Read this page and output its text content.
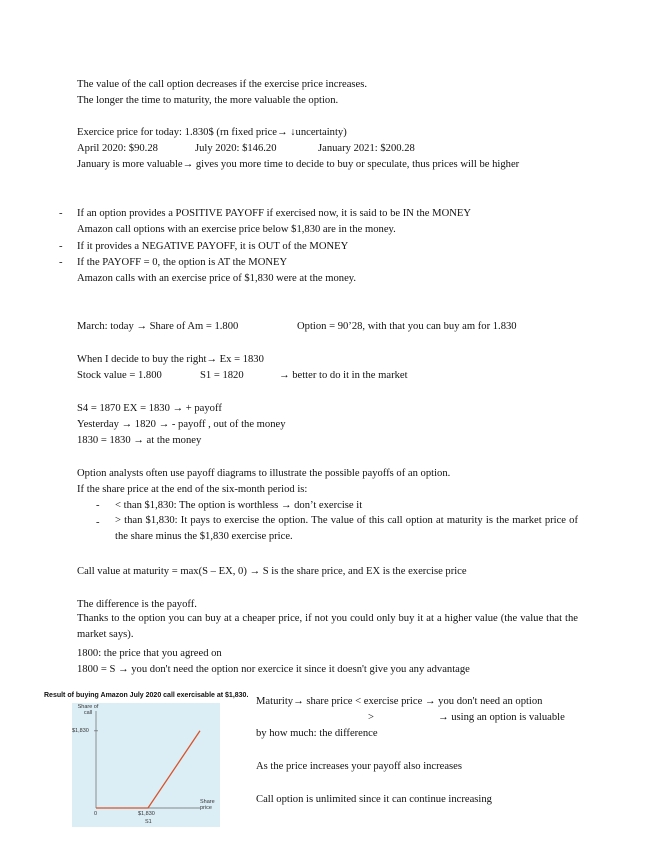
The value of the call option decreases if the exercise price increases.
The longer the time to maturity, the more valuable the option.
Exercice price for today: 1.830$ (rn fixed price→ ↓uncertainty)
April 2020: $90.28	July 2020: $146.20	January 2021: $200.28
January is more valuable→ gives you more time to decide to buy or speculate, thus prices will be higher
- If an option provides a POSITIVE PAYOFF if exercised now, it is said to be IN the MONEY
Amazon call options with an exercise price below $1,830 are in the money.
- If it provides a NEGATIVE PAYOFF, it is OUT of the MONEY
- If the PAYOFF = 0, the option is AT the MONEY
Amazon calls with an exercise price of $1,830 were at the money.
March: today → Share of Am = 1.800	Option = 90’28, with that you can buy am for 1.830
When I decide to buy the right→ Ex = 1830
Stock value = 1.800	S1 = 1820	→ better to do it in the market
S4 = 1870 EX = 1830 → + payoff
Yesterday → 1820 → - payoff , out of the money
1830 = 1830 → at the money
Option analysts often use payoff diagrams to illustrate the possible payoffs of an option.
If the share price at the end of the six-month period is:
- < than $1,830: The option is worthless → don’t exercise it
- > than $1,830: It pays to exercise the option. The value of this call option at maturity is the market price of the share minus the $1,830 exercise price.
Call value at maturity = max(S – EX, 0) → S is the share price, and EX is the exercise price
The difference is the payoff.
Thanks to the option you can buy at a cheaper price, if not you could only buy it at a higher value (the value that the market says).
1800: the price that you agreed on
1800 = S → you don't need the option nor exercice it since it doesn't give you any advantage
Result of buying Amazon July 2020 call exercisable at $1,830.
Share of call
$1,830
Share price
0	$1,830
S1
Maturity→ share price < exercise price → you don't need an option
>	→ using an option is valuable
by how much: the difference
As the price increases your payoff also increases
Call option is unlimited since it can continue increasing
